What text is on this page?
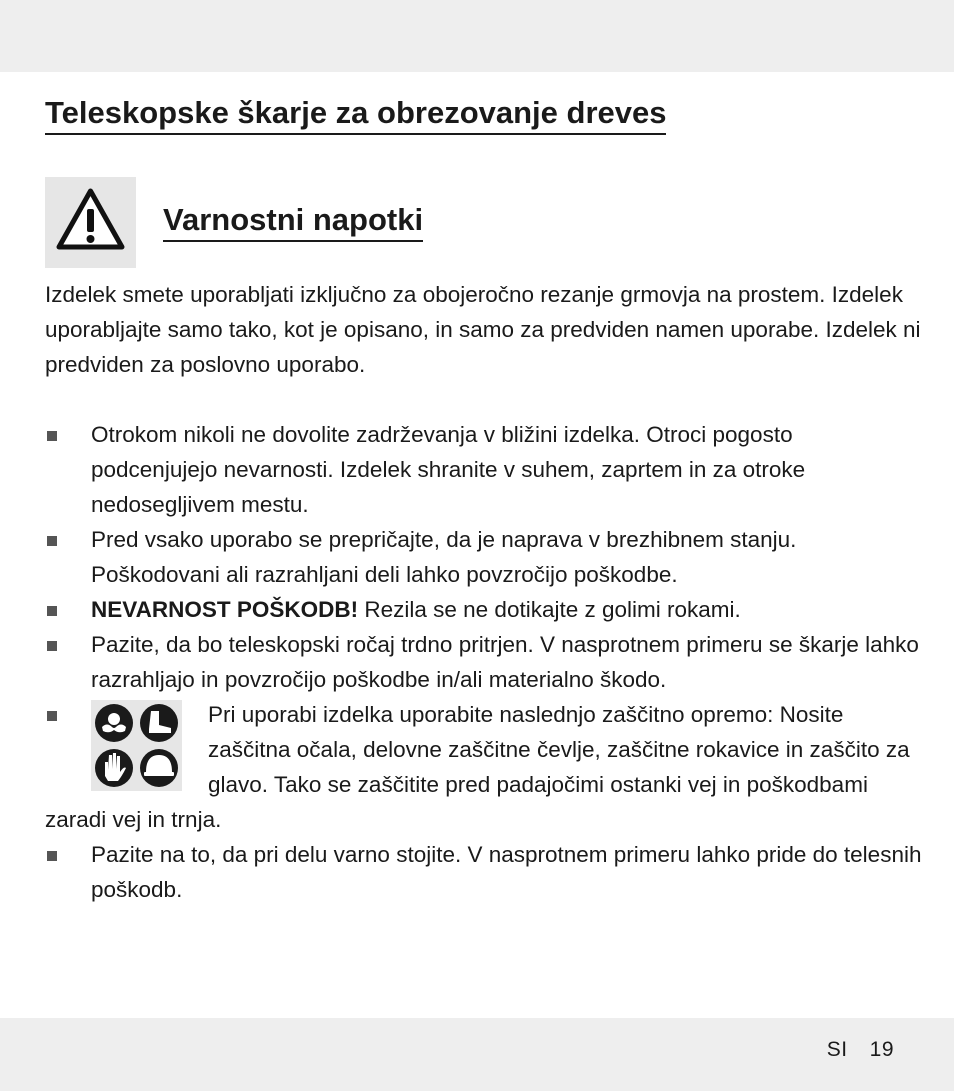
Teleskopske škarje za obrezovanje dreves
Varnostni napotki

Izdelek smete uporabljati izključno za obojeročno rezanje grmovja na prostem. Izdelek uporabljajte samo tako, kot je opisano, in samo za predviden namen uporabe. Izdelek ni predviden za poslovno uporabo.

Otrokom nikoli ne dovolite zadrževanja v bližini izdelka. Otroci pogosto podcenjujejo nevarnosti. Izdelek shranite v suhem, zaprtem in za otroke nedosegljivem mestu.
Pred vsako uporabo se prepričajte, da je naprava v brezhibnem stanju. Poškodovani ali razrahljani deli lahko povzročijo poškodbe.
NEVARNOST POŠKODB! Rezila se ne dotikajte z golimi rokami.
Pazite, da bo teleskopski ročaj trdno pritrjen. V nasprotnem primeru se škarje lahko razrahljajo in povzročijo poškodbe in/ali materialno škodo.
Pri uporabi izdelka uporabite naslednjo zaščitno opremo: Nosite zaščitna očala, delovne zaščitne čevlje, zaščitne rokavice in zaščito za glavo. Tako se zaščitite pred padajočimi ostanki vej in poškodbami zaradi vej in trnja.
Pazite na to, da pri delu varno stojite. V nasprotnem primeru lahko pride do telesnih poškodb.
SI 19
